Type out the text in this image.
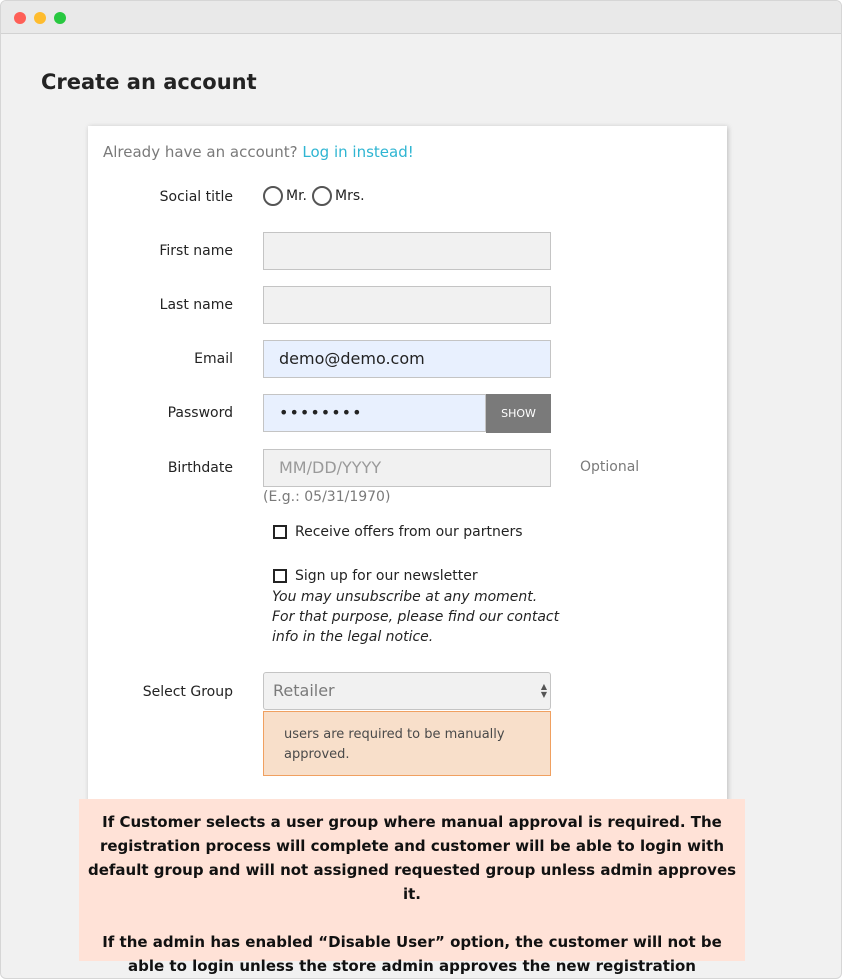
Create an account
Already have an account? Log in instead!
Social title	Mr. Mrs.
First name
Last name
Email	demo@demo.com
Password	••••••••	SHOW
Birthdate	MM/DD/YYYY	Optional
(E.g.: 05/31/1970)
Receive offers from our partners
Sign up for our newsletter
You may unsubscribe at any moment. For that purpose, please find our contact info in the legal notice.
Select Group	Retailer	▲
▼
users are required to be manually approved.

If Customer selects a user group where manual approval is required. The registration process will complete and customer will be able to login with default group and will not assigned requested group unless admin approves it.

If the admin has enabled “Disable User” option, the customer will not be able to login unless the store admin approves the new registration
